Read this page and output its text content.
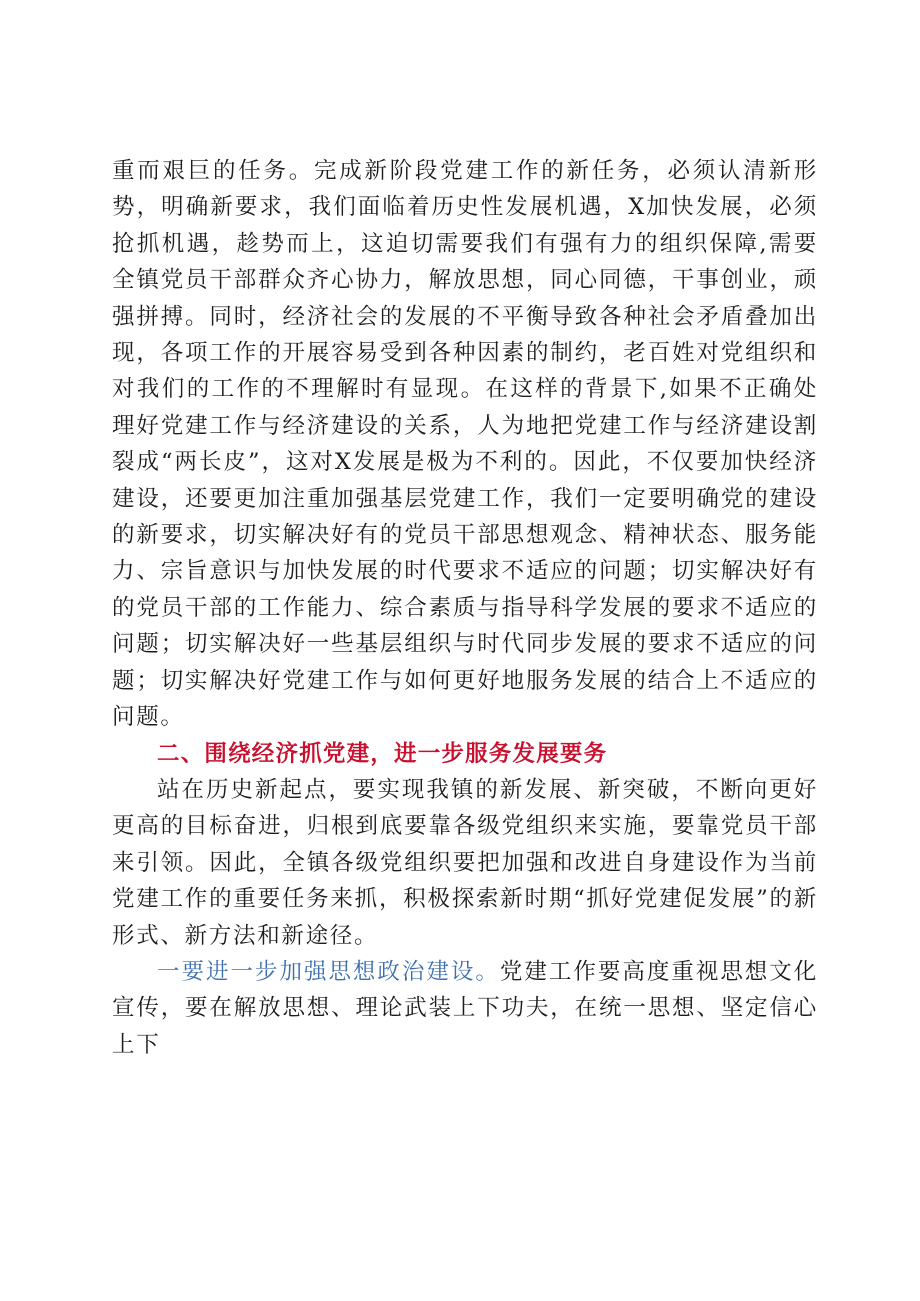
重而艰巨的任务。完成新阶段党建工作的新任务，必须认清新形势，明确新要求，我们面临着历史性发展机遇，X加快发展，必须抢抓机遇，趁势而上，这迫切需要我们有强有力的组织保障,需要全镇党员干部群众齐心协力，解放思想，同心同德，干事创业，顽强拼搏。同时，经济社会的发展的不平衡导致各种社会矛盾叠加出现，各项工作的开展容易受到各种因素的制约，老百姓对党组织和对我们的工作的不理解时有显现。在这样的背景下,如果不正确处理好党建工作与经济建设的关系，人为地把党建工作与经济建设割裂成“两长皮”，这对X发展是极为不利的。因此，不仅要加快经济建设，还要更加注重加强基层党建工作，我们一定要明确党的建设的新要求，切实解决好有的党员干部思想观念、精神状态、服务能力、宗旨意识与加快发展的时代要求不适应的问题；切实解决好有的党员干部的工作能力、综合素质与指导科学发展的要求不适应的问题；切实解决好一些基层组织与时代同步发展的要求不适应的问题；切实解决好党建工作与如何更好地服务发展的结合上不适应的问题。

二、围绕经济抓党建，进一步服务发展要务

站在历史新起点，要实现我镇的新发展、新突破，不断向更好更高的目标奋进，归根到底要靠各级党组织来实施，要靠党员干部来引领。因此，全镇各级党组织要把加强和改进自身建设作为当前党建工作的重要任务来抓，积极探索新时期“抓好党建促发展”的新形式、新方法和新途径。

一要进一步加强思想政治建设。党建工作要高度重视思想文化宣传，要在解放思想、理论武装上下功夫，在统一思想、坚定信心上下
